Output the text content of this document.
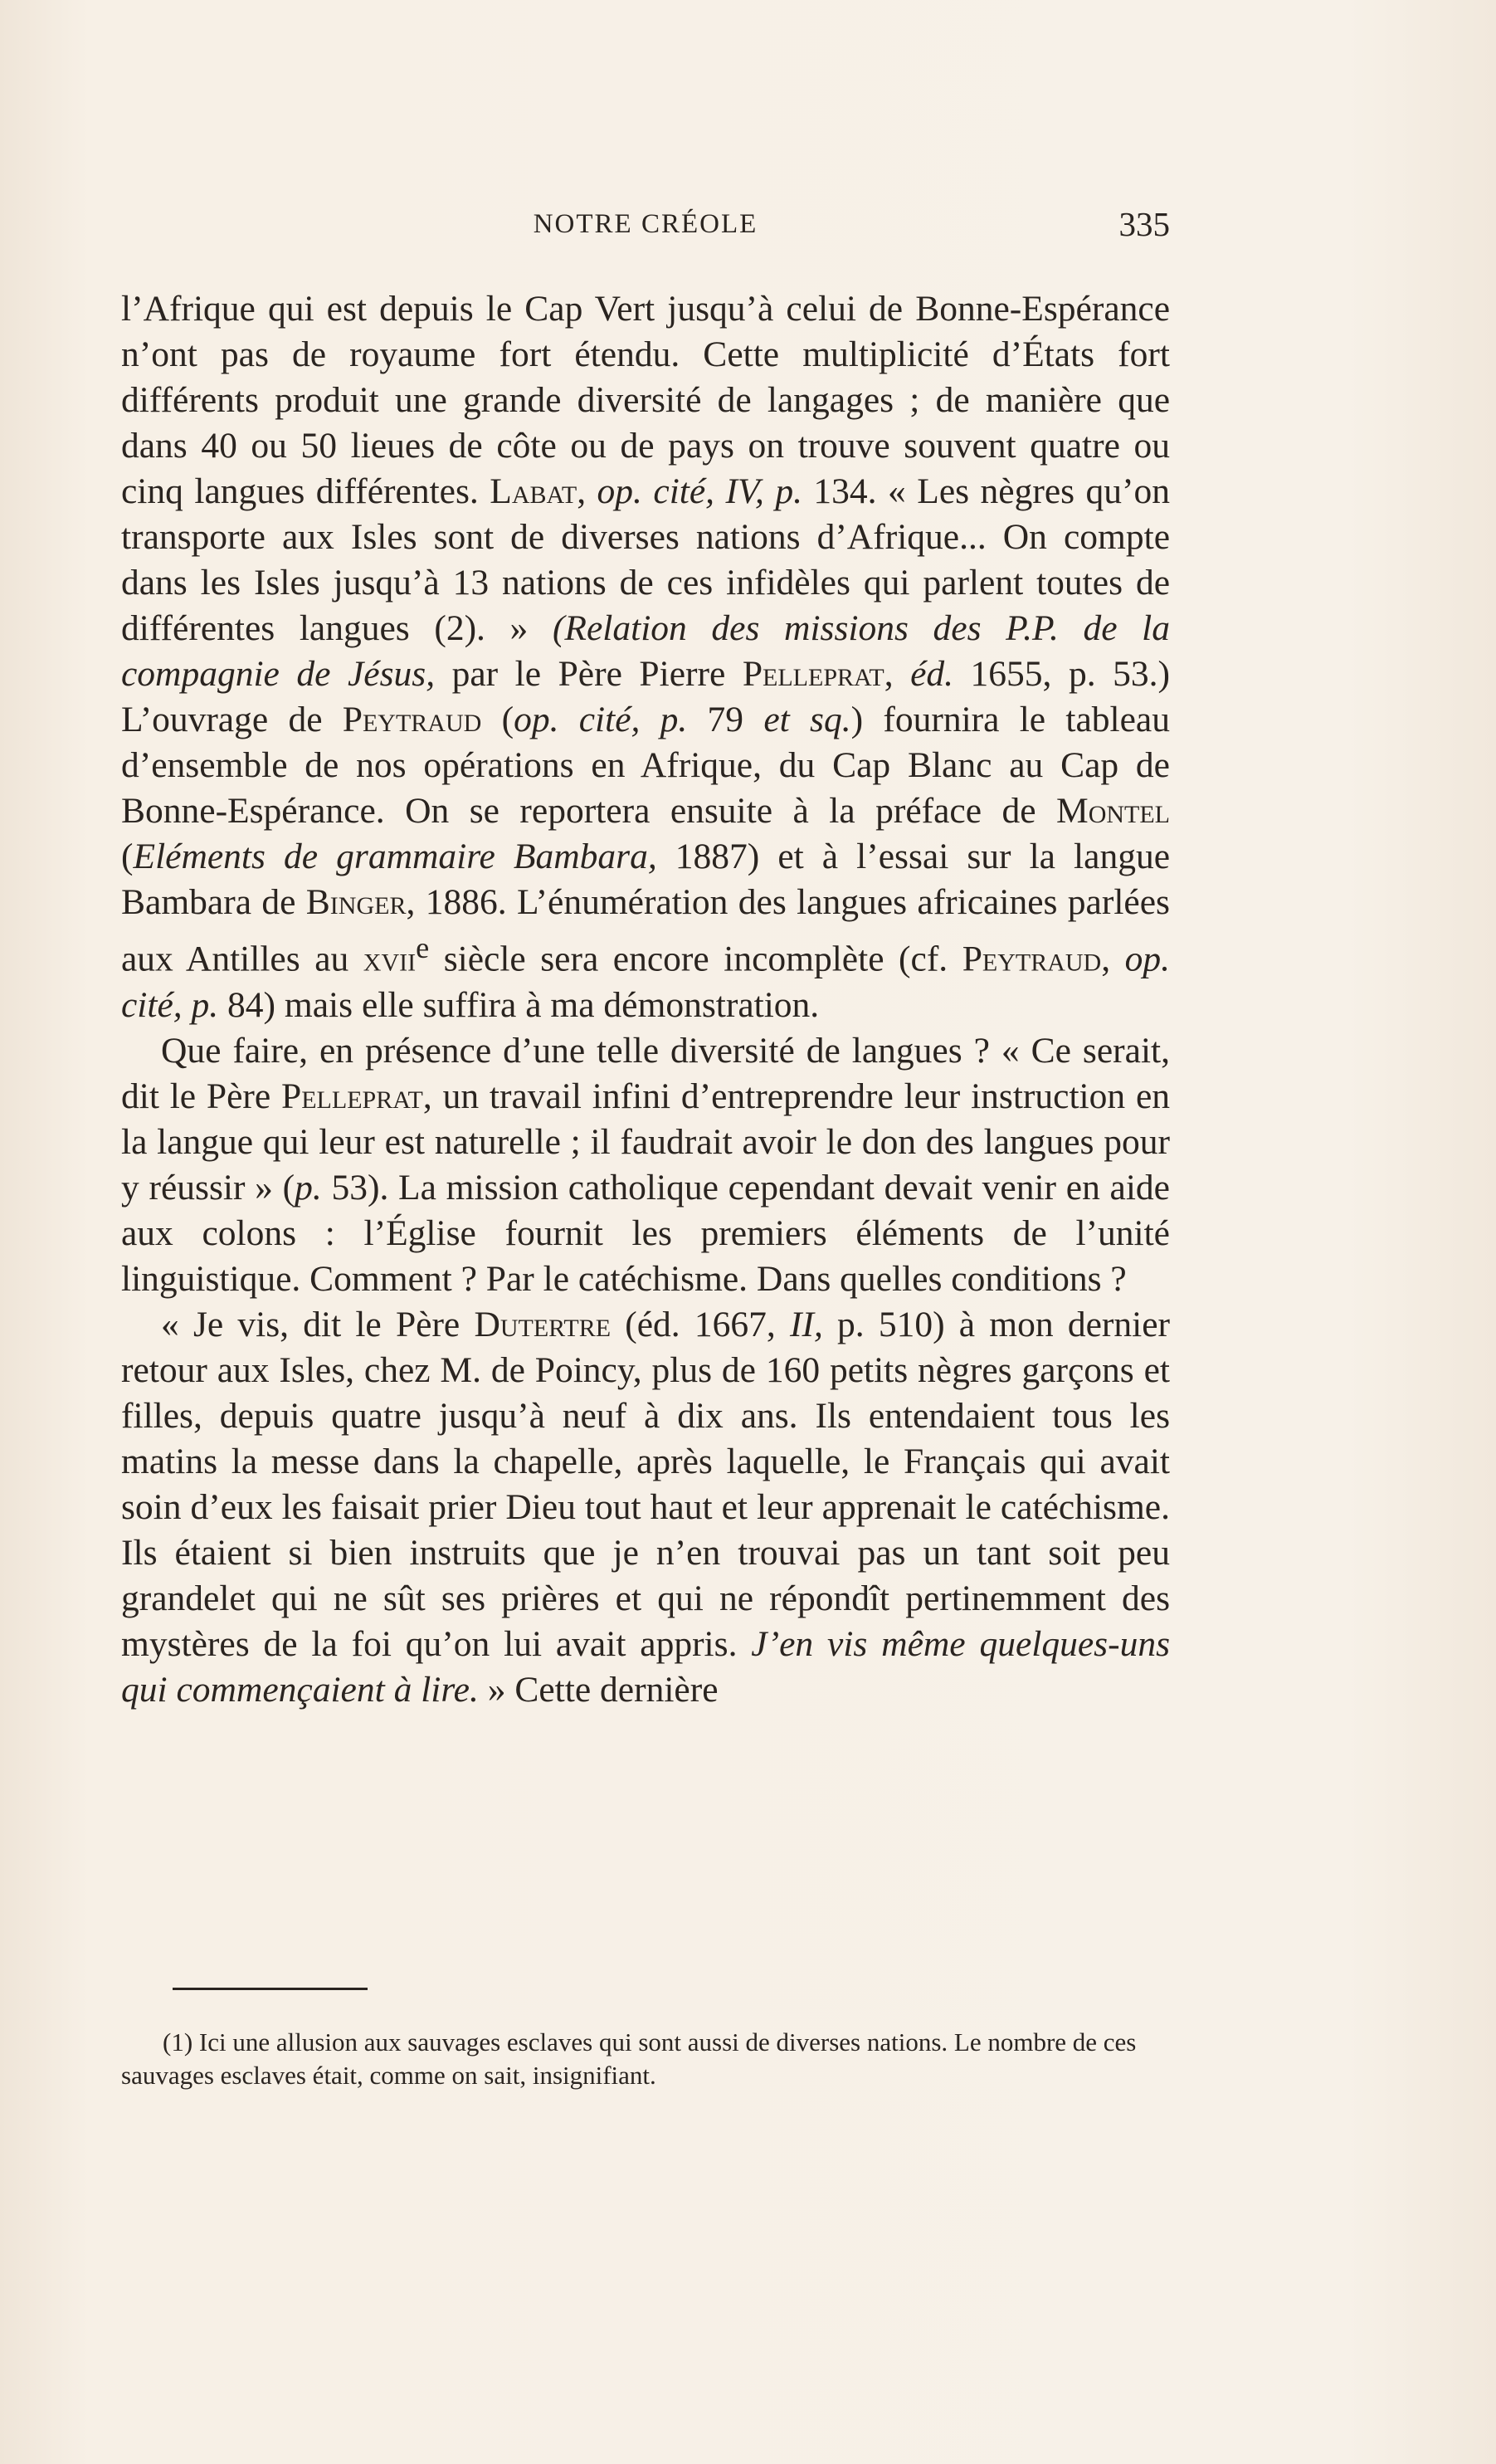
NOTRE CRÉOLE	335

l’Afrique qui est depuis le Cap Vert jusqu’à celui de Bonne-Espérance n’ont pas de royaume fort étendu. Cette multiplicité d’États fort différents produit une grande diversité de langages ; de manière que dans 40 ou 50 lieues de côte ou de pays on trouve souvent quatre ou cinq langues différentes. Labat, op. cité, IV, p. 134. « Les nègres qu’on transporte aux Isles sont de diverses nations d’Afrique... On compte dans les Isles jusqu’à 13 nations de ces infidèles qui parlent toutes de différentes langues (2). » (Relation des missions des P.P. de la compagnie de Jésus, par le Père Pierre Pelleprat, éd. 1655, p. 53.) L’ouvrage de Peytraud (op. cité, p. 79 et sq.) fournira le tableau d’ensemble de nos opérations en Afrique, du Cap Blanc au Cap de Bonne-Espérance. On se reportera ensuite à la préface de Montel (Eléments de grammaire Bambara, 1887) et à l’essai sur la langue Bambara de Binger, 1886. L’énumération des langues africaines parlées aux Antilles au xvii$^e$ siècle sera encore incomplète (cf. Peytraud, op. cité, p. 84) mais elle suffira à ma démonstration.

Que faire, en présence d’une telle diversité de langues ? « Ce serait, dit le Père Pelleprat, un travail infini d’entreprendre leur instruction en la langue qui leur est naturelle ; il faudrait avoir le don des langues pour y réussir » (p. 53). La mission catholique cependant devait venir en aide aux colons : l’Église fournit les premiers éléments de l’unité linguistique. Comment ? Par le catéchisme. Dans quelles conditions ?

« Je vis, dit le Père Dutertre (éd. 1667, II, p. 510) à mon dernier retour aux Isles, chez M. de Poincy, plus de 160 petits nègres garçons et filles, depuis quatre jusqu’à neuf à dix ans. Ils entendaient tous les matins la messe dans la chapelle, après laquelle, le Français qui avait soin d’eux les faisait prier Dieu tout haut et leur apprenait le catéchisme. Ils étaient si bien instruits que je n’en trouvai pas un tant soit peu grandelet qui ne sût ses prières et qui ne répondît pertinemment des mystères de la foi qu’on lui avait appris. J’en vis même quelques-uns qui commençaient à lire. » Cette dernière

(1) Ici une allusion aux sauvages esclaves qui sont aussi de diverses nations. Le nombre de ces sauvages esclaves était, comme on sait, insignifiant.
